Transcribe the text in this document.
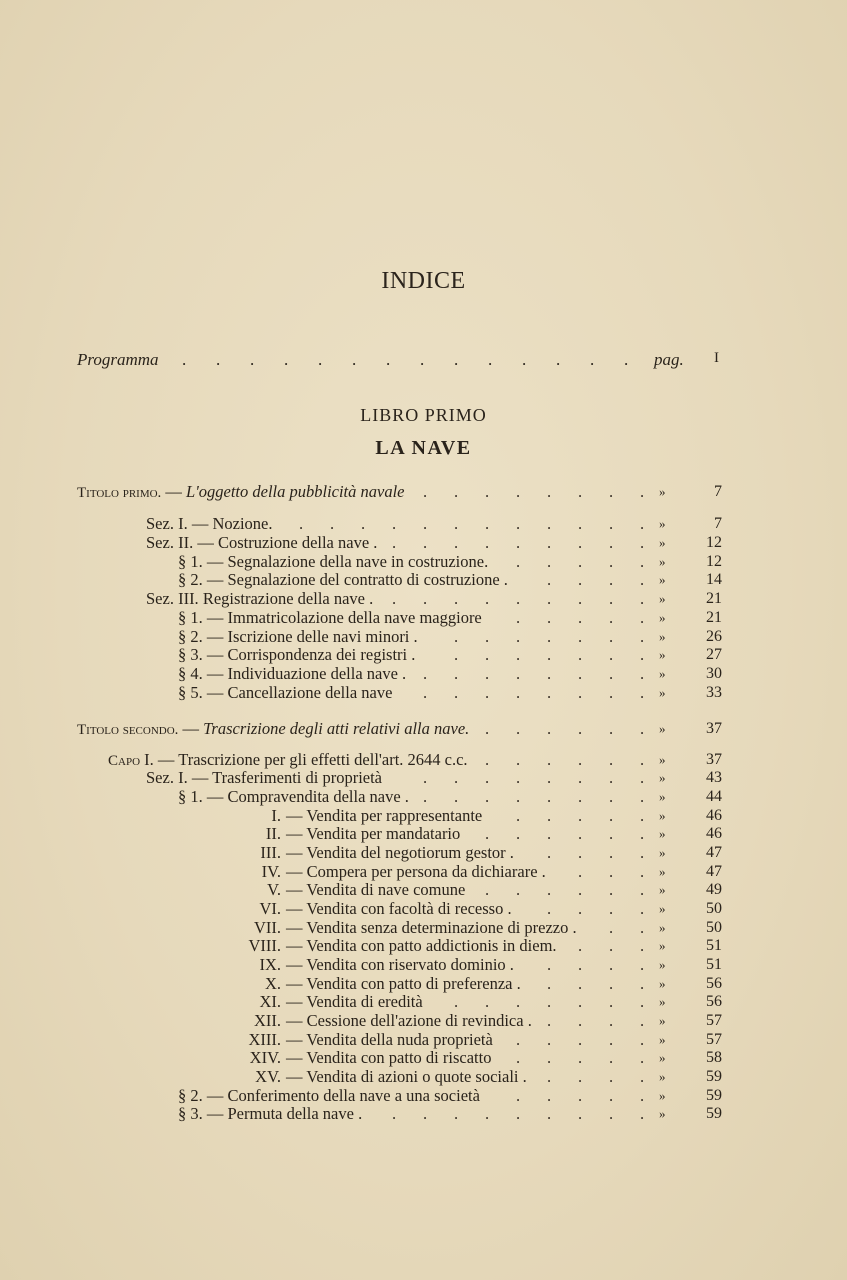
INDICE
Programma .       .       .       .       .       .       .       .       .       .       .       .       .       .	pag. I
LIBRO PRIMO
LA NAVE
Titolo primo. — L'oggetto della pubblicità navale . . . . . . . . »	7
Sez. I. — Nozione. . . . . . . . . . . . . »	7
Sez. II. — Costruzione della nave . . . . . . . . . . »	12
§ 1. — Segnalazione della nave in costruzione. . . . . . »	12
§ 2. — Segnalazione del contratto di costruzione . . . . . »	14
Sez. III. Registrazione della nave . . . . . . . . . . »	21
§ 1. — Immatricolazione della nave maggiore . . . . . »	21
§ 2. — Iscrizione delle navi minori . . . . . . . . »	26
§ 3. — Corrispondenza dei registri . . . . . . . . »	27
§ 4. — Individuazione della nave . . . . . . . . . »	30
§ 5. — Cancellazione della nave . . . . . . . . »	33
Titolo secondo. — Trascrizione degli atti relativi alla nave. . . . . . . »	37
Capo I. — Trascrizione per gli effetti dell'art. 2644 c.c. . . . . . . »	37
Sez. I. — Trasferimenti di proprietà . . . . . . . . »	43
§ 1. — Compravendita della nave . . . . . . . . . »	44
I. — Vendita per rappresentante . . . . . »	46
II. — Vendita per mandatario . . . . . . »	46
III. — Vendita del negotiorum gestor . . . . . »	47
IV. — Compera per persona da dichiarare . . . . »	47
V. — Vendita di nave comune . . . . . . »	49
VI. — Vendita con facoltà di recesso . . . . . »	50
VII. — Vendita senza determinazione di prezzo . . . »	50
VIII. — Vendita con patto addictionis in diem. . . . »	51
IX. — Vendita con riservato dominio . . . . . »	51
X. — Vendita con patto di preferenza . . . . . »	56
XI. — Vendita di eredità . . . . . . . »	56
XII. — Cessione dell'azione di revindica . . . . . »	57
XIII. — Vendita della nuda proprietà . . . . . »	57
XIV. — Vendita con patto di riscatto . . . . . »	58
XV. — Vendita di azioni o quote sociali . . . . . »	59
§ 2. — Conferimento della nave a una società . . . . . »	59
§ 3. — Permuta della nave . . . . . . . . . . »	59
